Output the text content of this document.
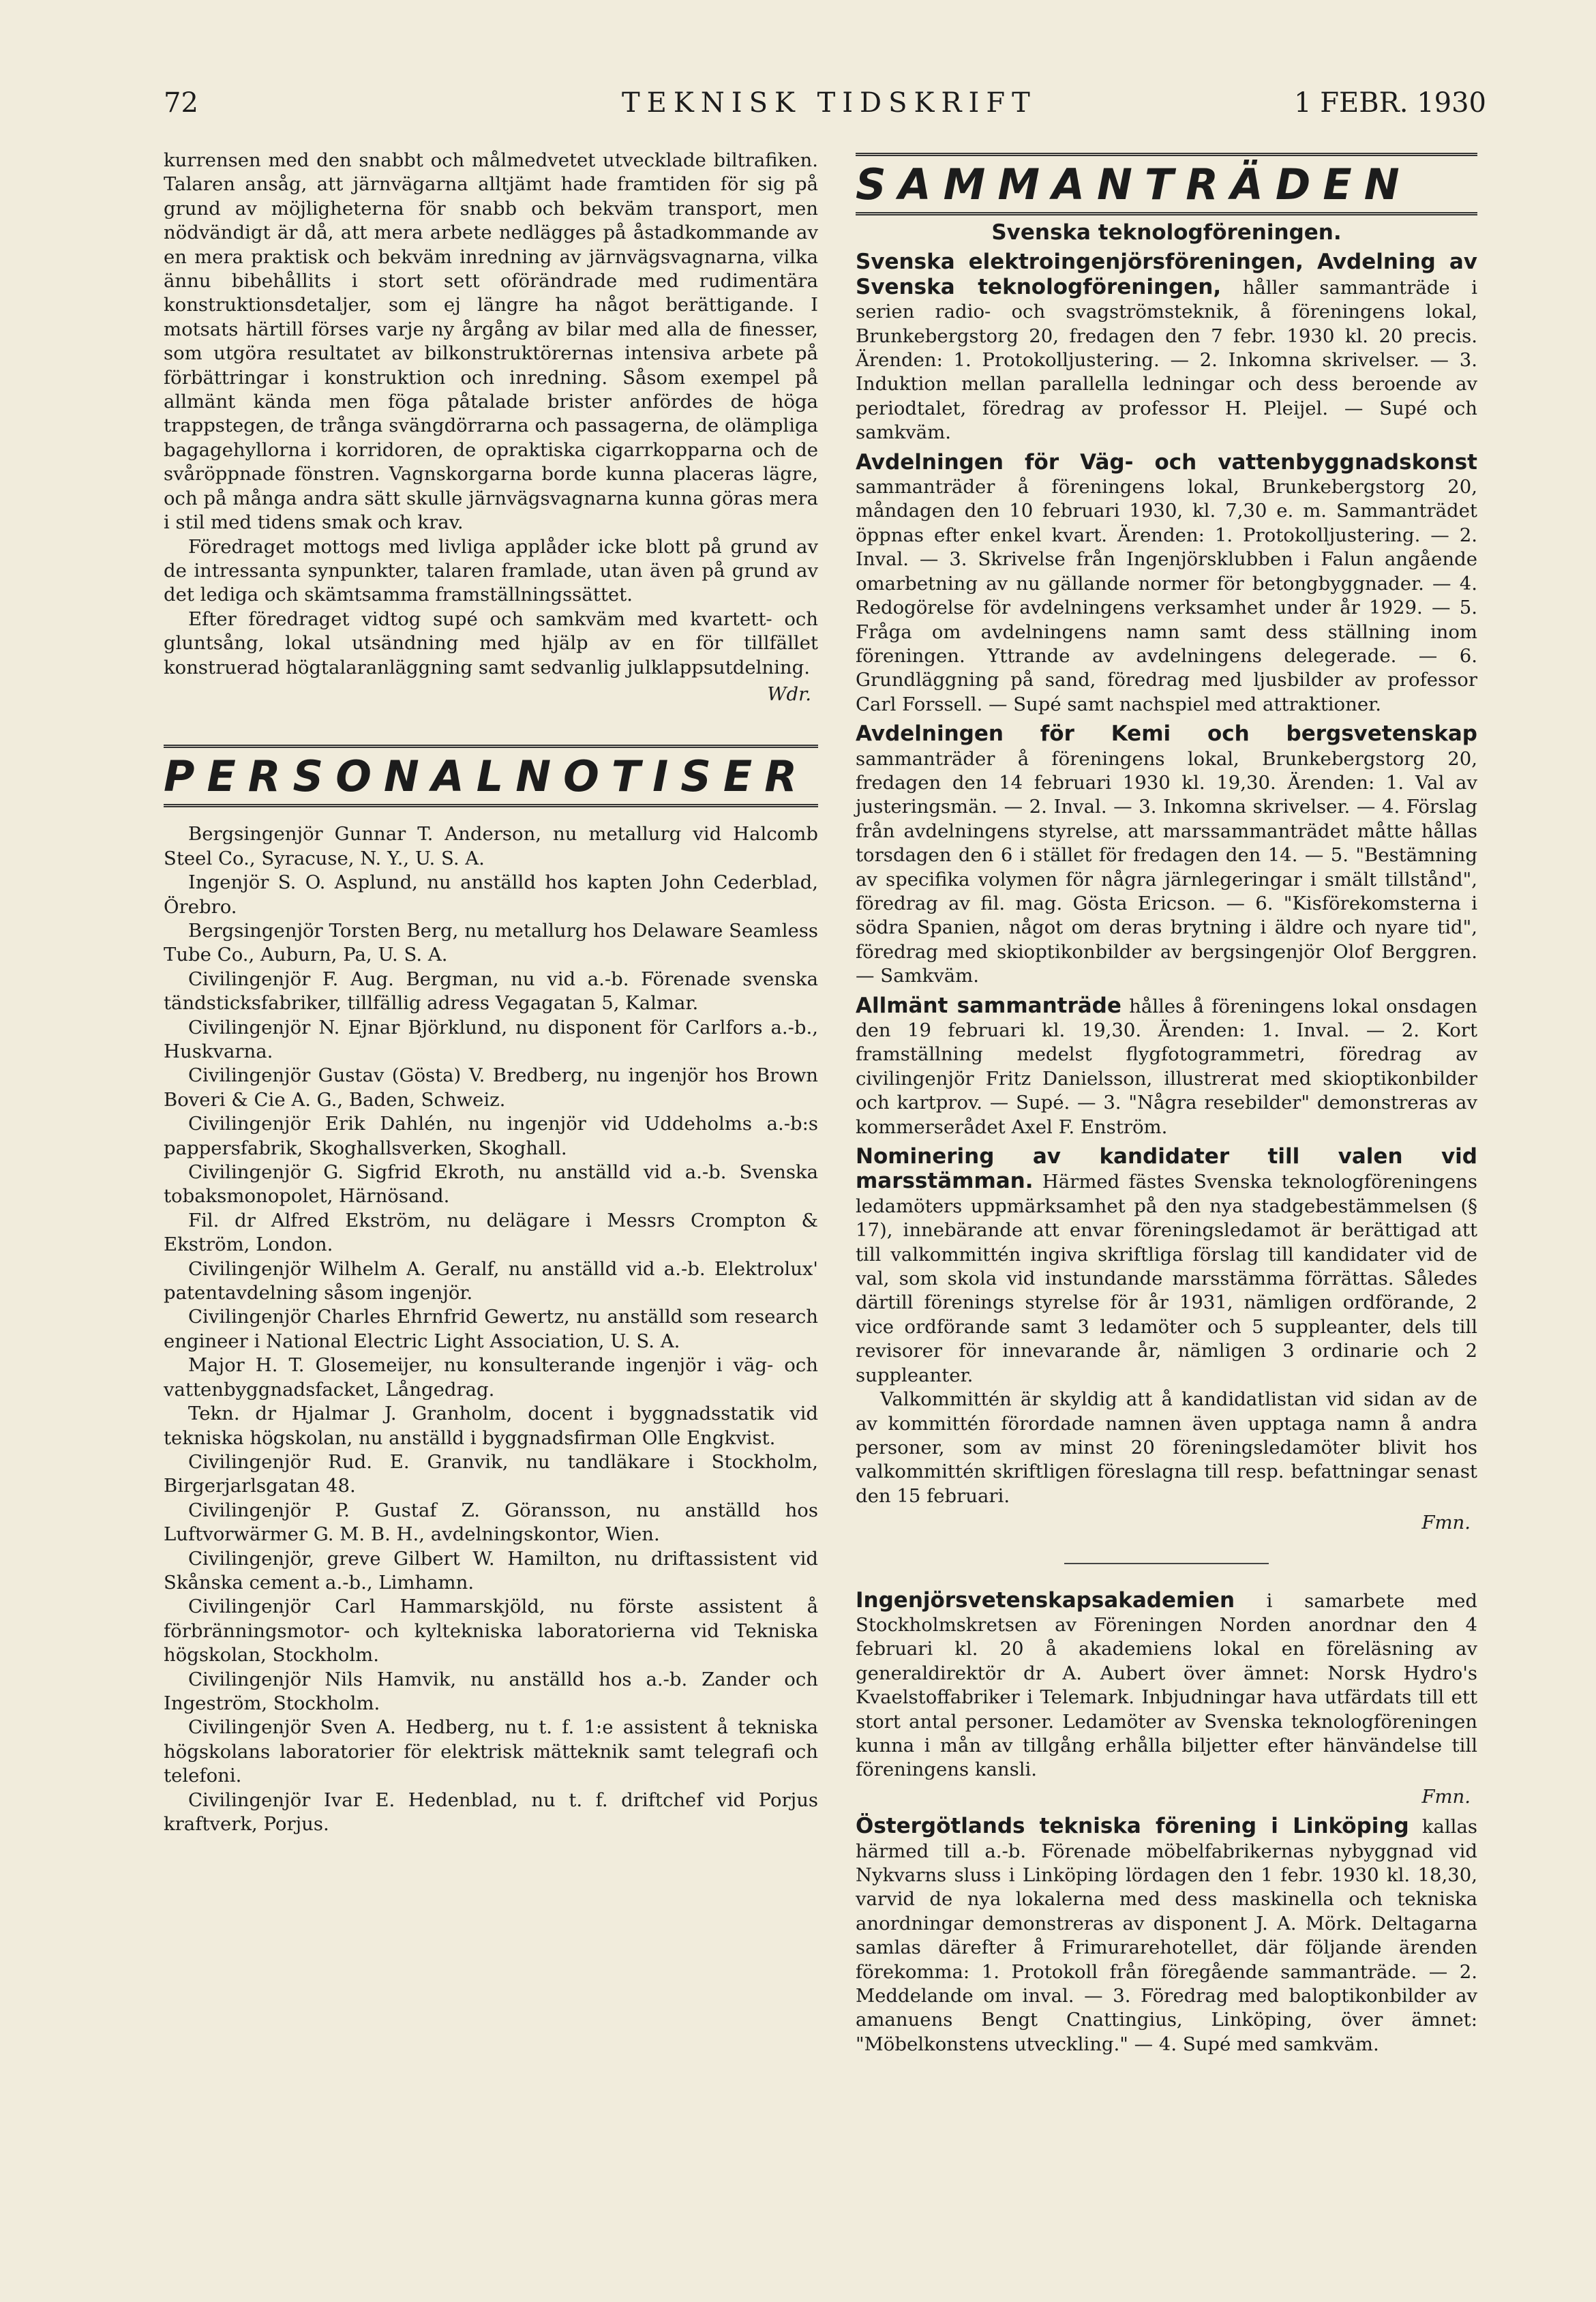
72	TEKNISK TIDSKRIFT	1 FEBR. 1930

kurrensen med den snabbt och målmedvetet utvecklade biltrafiken. Talaren ansåg, att järnvägarna alltjämt hade framtiden för sig på grund av möjligheterna för snabb och bekväm transport, men nödvändigt är då, att mera arbete nedlägges på åstadkommande av en mera praktisk och bekväm inredning av järnvägsvagnarna, vilka ännu bibehållits i stort sett oförändrade med rudimentära konstruktionsdetaljer, som ej längre ha något berättigande. I motsats härtill förses varje ny årgång av bilar med alla de finesser, som utgöra resultatet av bilkonstruktörernas intensiva arbete på förbättringar i konstruktion och inredning. Såsom exempel på allmänt kända men föga påtalade brister anfördes de höga trappstegen, de trånga svängdörrarna och passagerna, de olämpliga bagagehyllorna i korridoren, de opraktiska cigarrkopparna och de svåröppnade fönstren. Vagnskorgarna borde kunna placeras lägre, och på många andra sätt skulle järnvägsvagnarna kunna göras mera i stil med tidens smak och krav.

Föredraget mottogs med livliga applåder icke blott på grund av de intressanta synpunkter, talaren framlade, utan även på grund av det lediga och skämtsamma framställningssättet.

Efter föredraget vidtog supé och samkväm med kvartett- och gluntsång, lokal utsändning med hjälp av en för tillfället konstruerad högtalaranläggning samt sedvanlig julklappsutdelning.

Wdr.
PERSONALNOTISER

Bergsingenjör Gunnar T. Anderson, nu metallurg vid Halcomb Steel Co., Syracuse, N. Y., U. S. A.

Ingenjör S. O. Asplund, nu anställd hos kapten John Cederblad, Örebro.

Bergsingenjör Torsten Berg, nu metallurg hos Delaware Seamless Tube Co., Auburn, Pa, U. S. A.

Civilingenjör F. Aug. Bergman, nu vid a.-b. Förenade svenska tändsticksfabriker, tillfällig adress Vegagatan 5, Kalmar.

Civilingenjör N. Ejnar Björklund, nu disponent för Carlfors a.-b., Huskvarna.

Civilingenjör Gustav (Gösta) V. Bredberg, nu ingenjör hos Brown Boveri & Cie A. G., Baden, Schweiz.

Civilingenjör Erik Dahlén, nu ingenjör vid Uddeholms a.-b:s pappersfabrik, Skoghallsverken, Skoghall.

Civilingenjör G. Sigfrid Ekroth, nu anställd vid a.-b. Svenska tobaksmonopolet, Härnösand.

Fil. dr Alfred Ekström, nu delägare i Messrs Crompton & Ekström, London.

Civilingenjör Wilhelm A. Geralf, nu anställd vid a.-b. Elektrolux' patentavdelning såsom ingenjör.

Civilingenjör Charles Ehrnfrid Gewertz, nu anställd som research engineer i National Electric Light Association, U. S. A.

Major H. T. Glosemeijer, nu konsulterande ingenjör i väg- och vattenbyggnadsfacket, Långedrag.

Tekn. dr Hjalmar J. Granholm, docent i byggnadsstatik vid tekniska högskolan, nu anställd i byggnadsfirman Olle Engkvist.

Civilingenjör Rud. E. Granvik, nu tandläkare i Stockholm, Birgerjarlsgatan 48.

Civilingenjör P. Gustaf Z. Göransson, nu anställd hos Luftvorwärmer G. M. B. H., avdelningskontor, Wien.

Civilingenjör, greve Gilbert W. Hamilton, nu driftassistent vid Skånska cement a.-b., Limhamn.

Civilingenjör Carl Hammarskjöld, nu förste assistent å förbränningsmotor- och kyltekniska laboratorierna vid Tekniska högskolan, Stockholm.

Civilingenjör Nils Hamvik, nu anställd hos a.-b. Zander och Ingeström, Stockholm.

Civilingenjör Sven A. Hedberg, nu t. f. 1:e assistent å tekniska högskolans laboratorier för elektrisk mätteknik samt telegrafi och telefoni.

Civilingenjör Ivar E. Hedenblad, nu t. f. driftchef vid Porjus kraftverk, Porjus.

SAMMANTRÄDEN
Svenska teknologföreningen.

Svenska elektroingenjörsföreningen, Avdelning av Svenska teknologföreningen, håller sammanträde i serien radio- och svagströmsteknik, å föreningens lokal, Brunkebergstorg 20, fredagen den 7 febr. 1930 kl. 20 precis. Ärenden: 1. Protokolljustering. — 2. Inkomna skrivelser. — 3. Induktion mellan parallella ledningar och dess beroende av periodtalet, föredrag av professor H. Pleijel. — Supé och samkväm.

Avdelningen för Väg- och vattenbyggnadskonst sammanträder å föreningens lokal, Brunkebergstorg 20, måndagen den 10 februari 1930, kl. 7,30 e. m. Sammanträdet öppnas efter enkel kvart. Ärenden: 1. Protokolljustering. — 2. Inval. — 3. Skrivelse från Ingenjörsklubben i Falun angående omarbetning av nu gällande normer för betongbyggnader. — 4. Redogörelse för avdelningens verksamhet under år 1929. — 5. Fråga om avdelningens namn samt dess ställning inom föreningen. Yttrande av avdelningens delegerade. — 6. Grundläggning på sand, föredrag med ljusbilder av professor Carl Forssell. — Supé samt nachspiel med attraktioner.

Avdelningen för Kemi och bergsvetenskap sammanträder å föreningens lokal, Brunkebergstorg 20, fredagen den 14 februari 1930 kl. 19,30. Ärenden: 1. Val av justeringsmän. — 2. Inval. — 3. Inkomna skrivelser. — 4. Förslag från avdelningens styrelse, att marssammanträdet måtte hållas torsdagen den 6 i stället för fredagen den 14. — 5. "Bestämning av specifika volymen för några järnlegeringar i smält tillstånd", föredrag av fil. mag. Gösta Ericson. — 6. "Kisförekomsterna i södra Spanien, något om deras brytning i äldre och nyare tid", föredrag med skioptikonbilder av bergsingenjör Olof Berggren. — Samkväm.

Allmänt sammanträde hålles å föreningens lokal onsdagen den 19 februari kl. 19,30. Ärenden: 1. Inval. — 2. Kort framställning medelst flygfotogrammetri, föredrag av civilingenjör Fritz Danielsson, illustrerat med skioptikonbilder och kartprov. — Supé. — 3. "Några resebilder" demonstreras av kommerserådet Axel F. Enström.

Nominering av kandidater till valen vid marsstämman. Härmed fästes Svenska teknologföreningens ledamöters uppmärksamhet på den nya stadgebestämmelsen (§ 17), innebärande att envar föreningsledamot är berättigad att till valkommittén ingiva skriftliga förslag till kandidater vid de val, som skola vid instundande marsstämma förrättas. Således därtill förenings styrelse för år 1931, nämligen ordförande, 2 vice ordförande samt 3 ledamöter och 5 suppleanter, dels till revisorer för innevarande år, nämligen 3 ordinarie och 2 suppleanter.

Valkommittén är skyldig att å kandidatlistan vid sidan av de av kommittén förordade namnen även upptaga namn å andra personer, som av minst 20 föreningsledamöter blivit hos valkommittén skriftligen föreslagna till resp. befattningar senast den 15 februari.

Fmn.

Ingenjörsvetenskapsakademien i samarbete med Stockholmskretsen av Föreningen Norden anordnar den 4 februari kl. 20 å akademiens lokal en föreläsning av generaldirektör dr A. Aubert över ämnet: Norsk Hydro's Kvaelstoffabriker i Telemark. Inbjudningar hava utfärdats till ett stort antal personer. Ledamöter av Svenska teknologföreningen kunna i mån av tillgång erhålla biljetter efter hänvändelse till föreningens kansli.

Fmn.

Östergötlands tekniska förening i Linköping kallas härmed till a.-b. Förenade möbelfabrikernas nybyggnad vid Nykvarns sluss i Linköping lördagen den 1 febr. 1930 kl. 18,30, varvid de nya lokalerna med dess maskinella och tekniska anordningar demonstreras av disponent J. A. Mörk. Deltagarna samlas därefter å Frimurarehotellet, där följande ärenden förekomma: 1. Protokoll från föregående sammanträde. — 2. Meddelande om inval. — 3. Föredrag med baloptikonbilder av amanuens Bengt Cnattingius, Linköping, över ämnet: "Möbelkonstens utveckling." — 4. Supé med samkväm.
